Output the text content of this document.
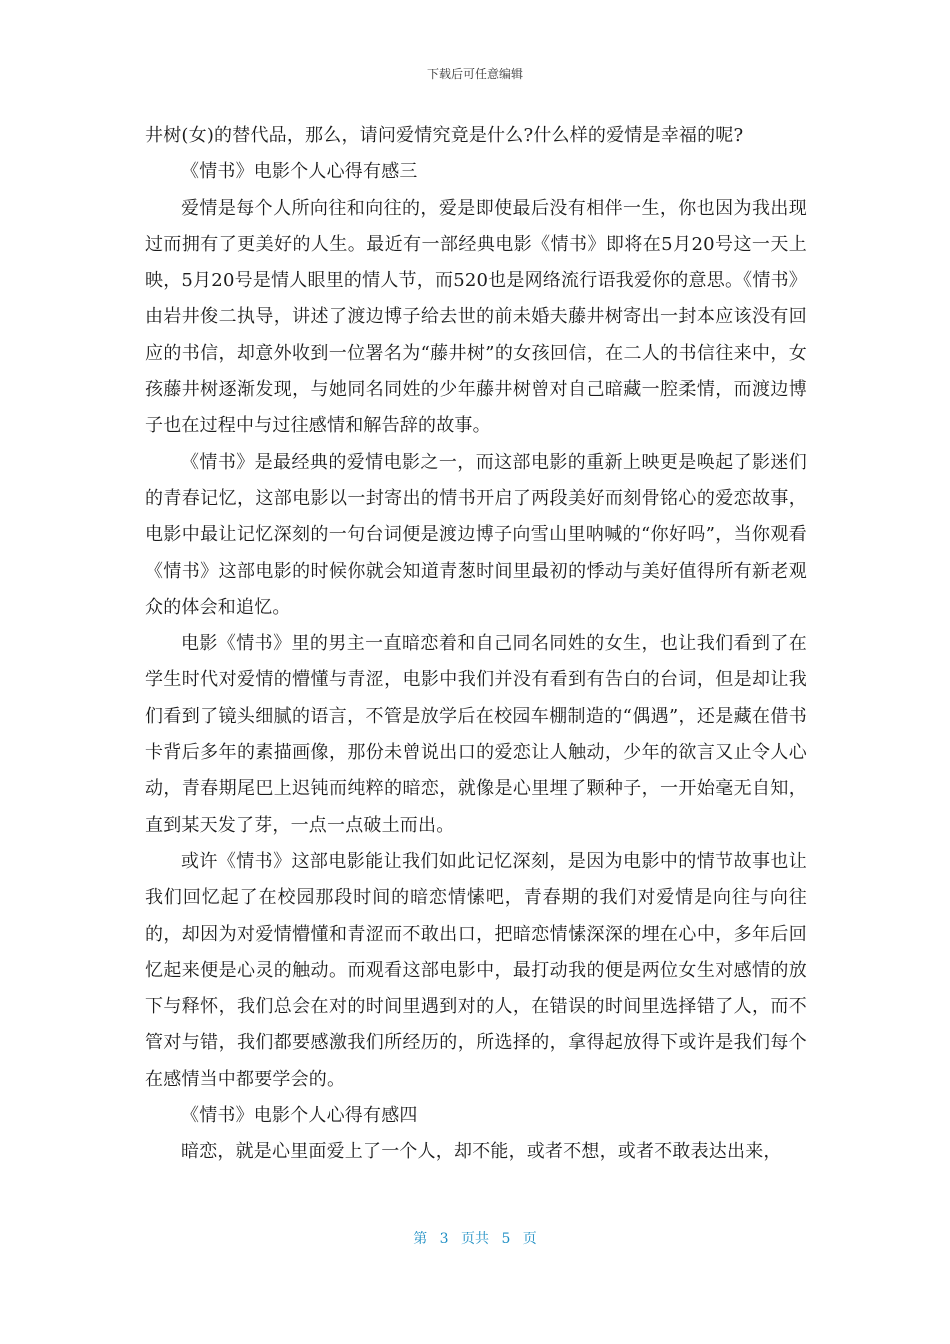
下载后可任意编辑

井树(女)的替代品，那么，请问爱情究竟是什么?什么样的爱情是幸福的呢?

《情书》电影个人心得有感三

爱情是每个人所向往和向往的，爱是即使最后没有相伴一生，你也因为我出现过而拥有了更美好的人生。最近有一部经典电影《情书》即将在5月20号这一天上映，5月20号是情人眼里的情人节，而520也是网络流行语我爱你的意思。《情书》由岩井俊二执导，讲述了渡边博子给去世的前未婚夫藤井树寄出一封本应该没有回应的书信，却意外收到一位署名为“藤井树”的女孩回信，在二人的书信往来中，女孩藤井树逐渐发现，与她同名同姓的少年藤井树曾对自己暗藏一腔柔情，而渡边博子也在过程中与过往感情和解告辞的故事。

《情书》是最经典的爱情电影之一，而这部电影的重新上映更是唤起了影迷们的青春记忆，这部电影以一封寄出的情书开启了两段美好而刻骨铭心的爱恋故事，电影中最让记忆深刻的一句台词便是渡边博子向雪山里呐喊的“你好吗”，当你观看《情书》这部电影的时候你就会知道青葱时间里最初的悸动与美好值得所有新老观众的体会和追忆。

电影《情书》里的男主一直暗恋着和自己同名同姓的女生，也让我们看到了在学生时代对爱情的懵懂与青涩，电影中我们并没有看到有告白的台词，但是却让我们看到了镜头细腻的语言，不管是放学后在校园车棚制造的“偶遇”，还是藏在借书卡背后多年的素描画像，那份未曾说出口的爱恋让人触动，少年的欲言又止令人心动，青春期尾巴上迟钝而纯粹的暗恋，就像是心里埋了颗种子，一开始毫无自知，直到某天发了芽，一点一点破土而出。

或许《情书》这部电影能让我们如此记忆深刻，是因为电影中的情节故事也让我们回忆起了在校园那段时间的暗恋情愫吧，青春期的我们对爱情是向往与向往的，却因为对爱情懵懂和青涩而不敢出口，把暗恋情愫深深的埋在心中，多年后回忆起来便是心灵的触动。而观看这部电影中，最打动我的便是两位女生对感情的放下与释怀，我们总会在对的时间里遇到对的人，在错误的时间里选择错了人，而不管对与错，我们都要感激我们所经历的，所选择的，拿得起放得下或许是我们每个在感情当中都要学会的。

《情书》电影个人心得有感四

暗恋，就是心里面爱上了一个人，却不能，或者不想，或者不敢表达出来，

第 3 页共 5 页
